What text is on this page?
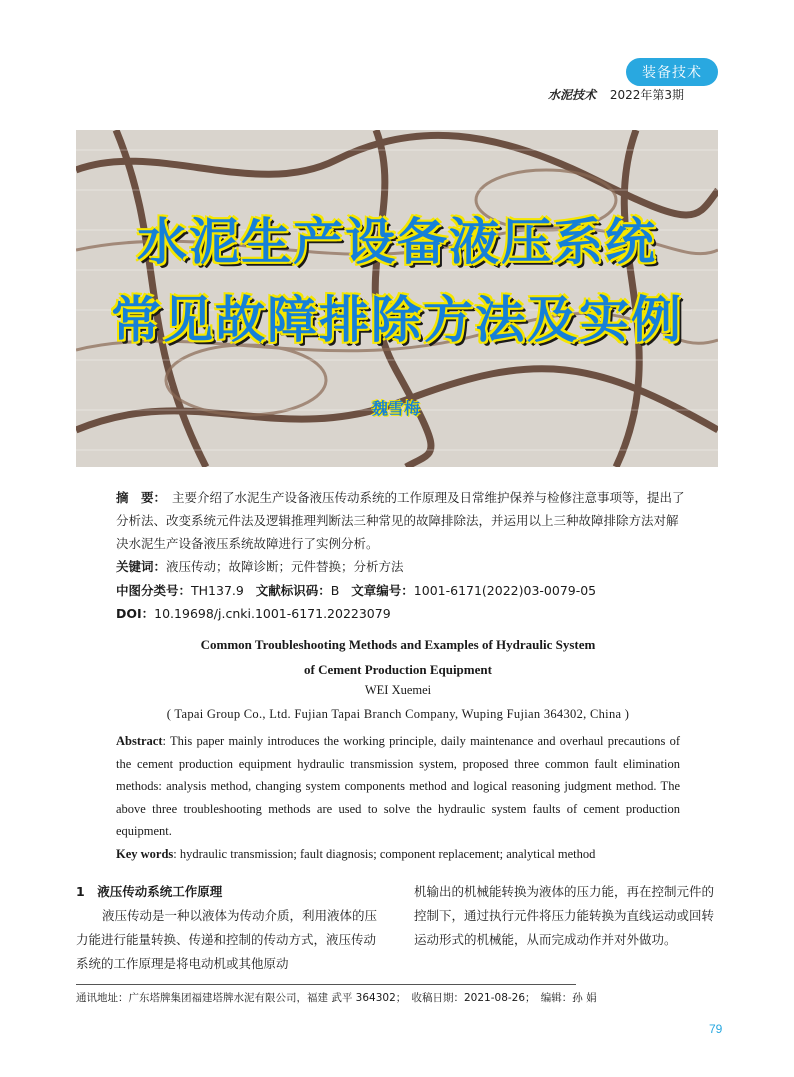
装备技术
水泥技术 2022年第3期
水泥生产设备液压系统
常见故障排除方法及实例
魏雪梅
摘　要： 主要介绍了水泥生产设备液压传动系统的工作原理及日常维护保养与检修注意事项等，提出了分析法、改变系统元件法及逻辑推理判断法三种常见的故障排除法，并运用以上三种故障排除方法对解决水泥生产设备液压系统故障进行了实例分析。
关键词：液压传动；故障诊断；元件替换；分析方法
中图分类号：TH137.9 文献标识码：B 文章编号：1001-6171(2022)03-0079-05
DOI：10.19698/j.cnki.1001-6171.20223079
Common Troubleshooting Methods and Examples of Hydraulic System
of Cement Production Equipment
WEI Xuemei
( Tapai Group Co., Ltd. Fujian Tapai Branch Company, Wuping Fujian 364302, China )
Abstract: This paper mainly introduces the working principle, daily maintenance and overhaul precautions of the cement production equipment hydraulic transmission system, proposed three common fault elimination methods: analysis method, changing system components method and logical reasoning judgment method. The above three troubleshooting methods are used to solve the hydraulic system faults of cement production equipment.
Key words: hydraulic transmission; fault diagnosis; component replacement; analytical method
1　液压传动系统工作原理
液压传动是一种以液体为传动介质，利用液体的压力能进行能量转换、传递和控制的传动方式，液压传动系统的工作原理是将电动机或其他原动
机输出的机械能转换为液体的压力能，再在控制元件的控制下，通过执行元件将压力能转换为直线运动或回转运动形式的机械能，从而完成动作并对外做功。
通讯地址：广东塔牌集团福建塔牌水泥有限公司，福建 武平 364302；　收稿日期：2021-08-26；　编辑：孙 娟
79
